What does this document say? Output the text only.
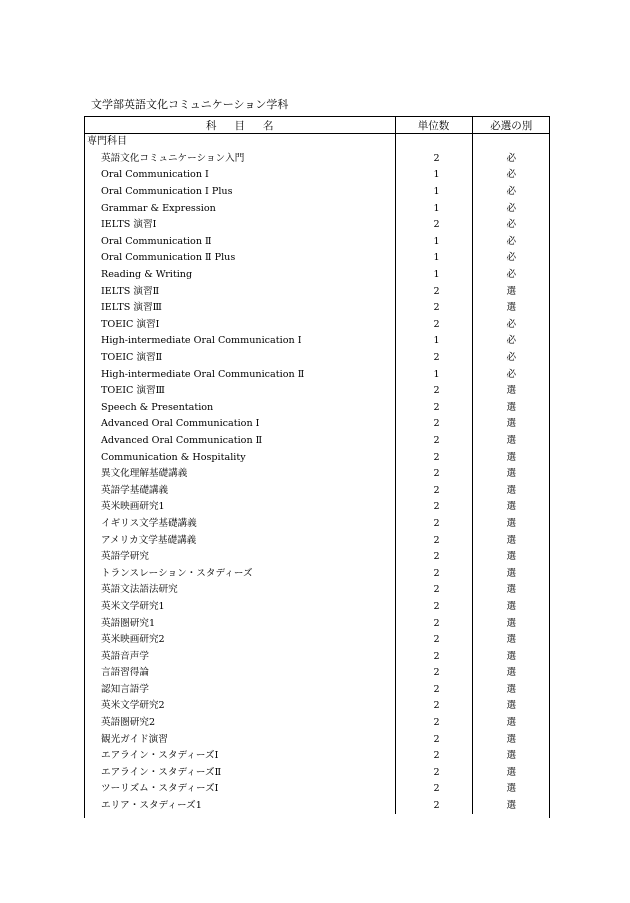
文学部英語文化コミュニケーション学科
科目名	単位数	必選の別
専門科目		
英語文化コミュニケーション入門	2	必
Oral Communication Ⅰ	1	必
Oral Communication Ⅰ Plus	1	必
Grammar & Expression	1	必
IELTS 演習Ⅰ	2	必
Oral Communication Ⅱ	1	必
Oral Communication Ⅱ Plus	1	必
Reading & Writing	1	必
IELTS 演習Ⅱ	2	選
IELTS 演習Ⅲ	2	選
TOEIC 演習Ⅰ	2	必
High-intermediate Oral Communication Ⅰ	1	必
TOEIC 演習Ⅱ	2	必
High-intermediate Oral Communication Ⅱ	1	必
TOEIC 演習Ⅲ	2	選
Speech & Presentation	2	選
Advanced Oral Communication Ⅰ	2	選
Advanced Oral Communication Ⅱ	2	選
Communication & Hospitality	2	選
異文化理解基礎講義	2	選
英語学基礎講義	2	選
英米映画研究1	2	選
イギリス文学基礎講義	2	選
アメリカ文学基礎講義	2	選
英語学研究	2	選
トランスレーション・スタディーズ	2	選
英語文法語法研究	2	選
英米文学研究1	2	選
英語圏研究1	2	選
英米映画研究2	2	選
英語音声学	2	選
言語習得論	2	選
認知言語学	2	選
英米文学研究2	2	選
英語圏研究2	2	選
観光ガイド演習	2	選
エアライン・スタディーズⅠ	2	選
エアライン・スタディーズⅡ	2	選
ツーリズム・スタディーズⅠ	2	選
エリア・スタディーズ1	2	選
